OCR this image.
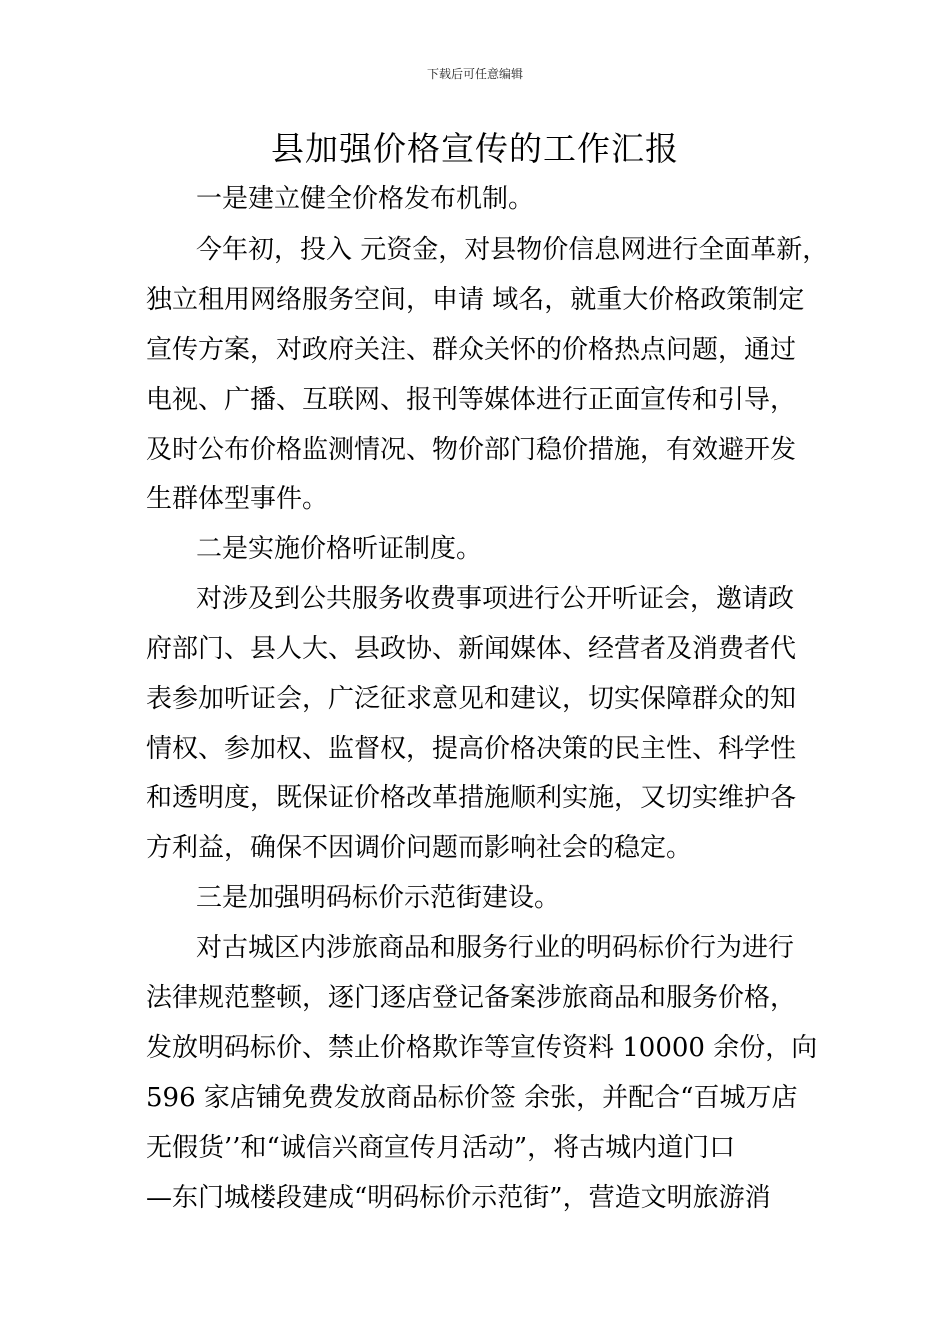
下载后可任意编辑
县加强价格宣传的工作汇报

一是建立健全价格发布机制。

今年初，投入 元资金，对县物价信息网进行全面革新，

独立租用网络服务空间，申请 域名，就重大价格政策制定

宣传方案，对政府关注、群众关怀的价格热点问题，通过

电视、广播、互联网、报刊等媒体进行正面宣传和引导，

及时公布价格监测情况、物价部门稳价措施，有效避开发

生群体型事件。

二是实施价格听证制度。

对涉及到公共服务收费事项进行公开听证会，邀请政

府部门、县人大、县政协、新闻媒体、经营者及消费者代

表参加听证会，广泛征求意见和建议，切实保障群众的知

情权、参加权、监督权，提高价格决策的民主性、科学性

和透明度，既保证价格改革措施顺利实施，又切实维护各

方利益，确保不因调价问题而影响社会的稳定。

三是加强明码标价示范街建设。

对古城区内涉旅商品和服务行业的明码标价行为进行

法律规范整顿，逐门逐店登记备案涉旅商品和服务价格，

发放明码标价、禁止价格欺诈等宣传资料 10000 余份，向

596 家店铺免费发放商品标价签 余张，并配合“百城万店

无假货’’和“诚信兴商宣传月活动”，将古城内道门口

—东门城楼段建成“明码标价示范街”，营造文明旅游消
